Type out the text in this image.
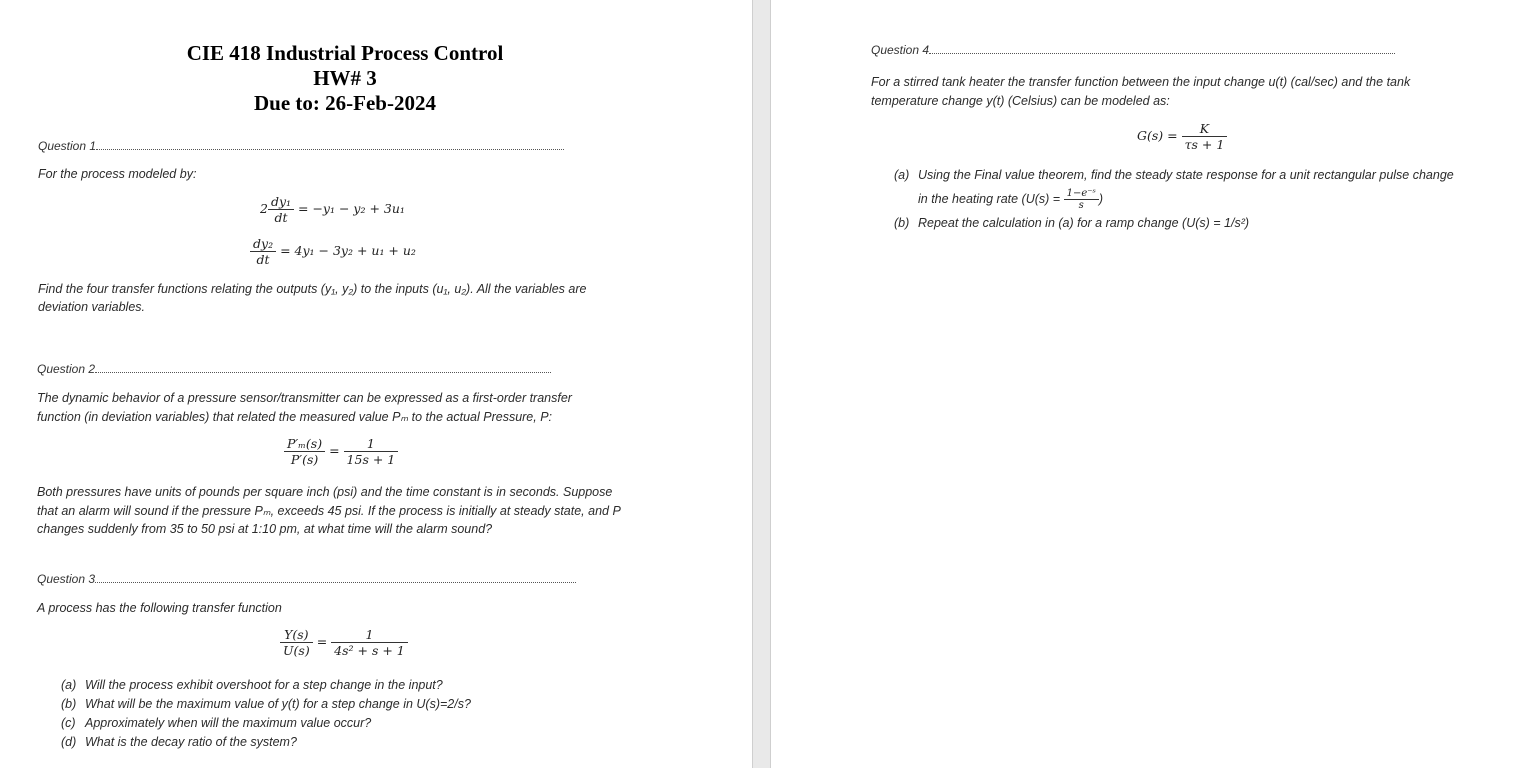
CIE 418 Industrial Process Control
HW# 3
Due to: 26-Feb-2024
Question 1
For the process modeled by:
$2 \frac{\text{dy₁}}{dt} = -y_1 - y_2 + 3u_1$
$\frac{\text{dy₂}}{dt} = 4y_1 - 3y_2 + u_1 + u_2$
Find the four transfer functions relating the outputs (y₁, y₂) to the inputs (u₁, u₂). All the variables are
deviation variables.
Question 2
The dynamic behavior of a pressure sensor/transmitter can be expressed as a first-order transfer
function (in deviation variables) that related the measured value Pₘ to the actual Pressure, P:
$\frac{\text{P′ₘ(s)}}{P'(s)} = \frac{1}{15s + 1}$
Both pressures have units of pounds per square inch (psi) and the time constant is in seconds. Suppose
that an alarm will sound if the pressure Pₘ, exceeds 45 psi. If the process is initially at steady state, and P
changes suddenly from 35 to 50 psi at 1:10 pm, at what time will the alarm sound?
Question 3
A process has the following transfer function
$\frac{Y(s)}{U(s)} = \frac{1}{\text{4s² + s + 1}}$
(a) Will the process exhibit overshoot for a step change in the input?
(b) What will be the maximum value of y(t) for a step change in U(s)=2/s?
(c) Approximately when will the maximum value occur?
(d) What is the decay ratio of the system?
Question 4
For a stirred tank heater the transfer function between the input change u(t) (cal/sec) and the tank
temperature change y(t) (Celsius) can be modeled as:
$G(s) = \frac{K}{\tau s + 1}$
(a) Using the Final value theorem, find the steady state response for a unit rectangular pulse change
in the heating rate ($U(s) = \frac{\text{1−e⁻ˢ}}{s}$ )
(b) Repeat the calculation in (a) for a ramp change (U(s) = 1/s²)
